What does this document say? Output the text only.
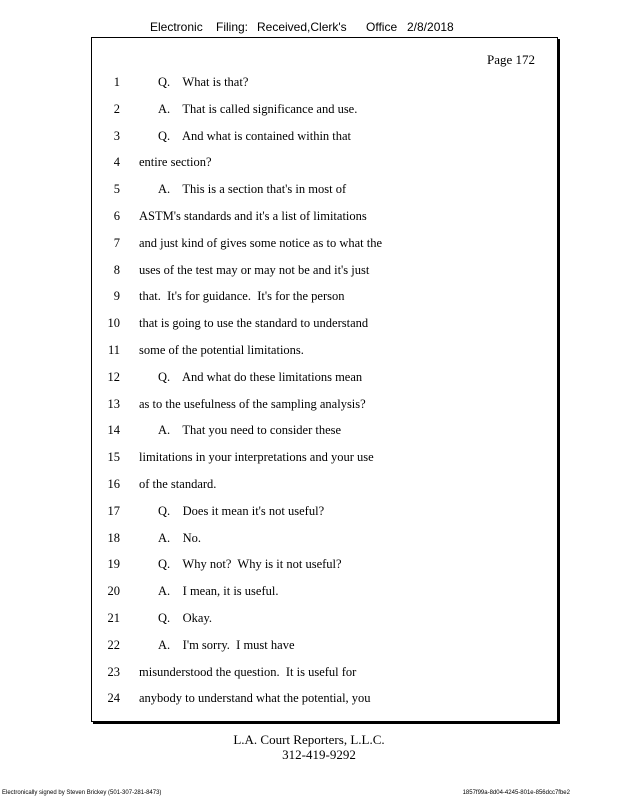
Electronic Filing: Received,Clerk's Office 2/8/2018
Page 172
1	Q.    What is that?
2	A.    That is called significance and use.
3	Q.    And what is contained within that
4 entire section?
5	A.    This is a section that's in most of
6 ASTM's standards and it's a list of limitations
7 and just kind of gives some notice as to what the
8 uses of the test may or may not be and it's just
9 that.  It's for guidance.  It's for the person
10 that is going to use the standard to understand
11 some of the potential limitations.
12	Q.    And what do these limitations mean
13 as to the usefulness of the sampling analysis?
14	A.    That you need to consider these
15 limitations in your interpretations and your use
16 of the standard.
17	Q.    Does it mean it's not useful?
18	A.    No.
19	Q.    Why not?  Why is it not useful?
20	A.    I mean, it is useful.
21	Q.    Okay.
22	A.    I'm sorry.  I must have
23 misunderstood the question.  It is useful for
24 anybody to understand what the potential, you
L.A. Court Reporters, L.L.C.
312-419-9292
Electronically signed by Steven Brickey (501-307-281-8473)	1857f99a-8d04-4245-801e-856dcc7fbe2
